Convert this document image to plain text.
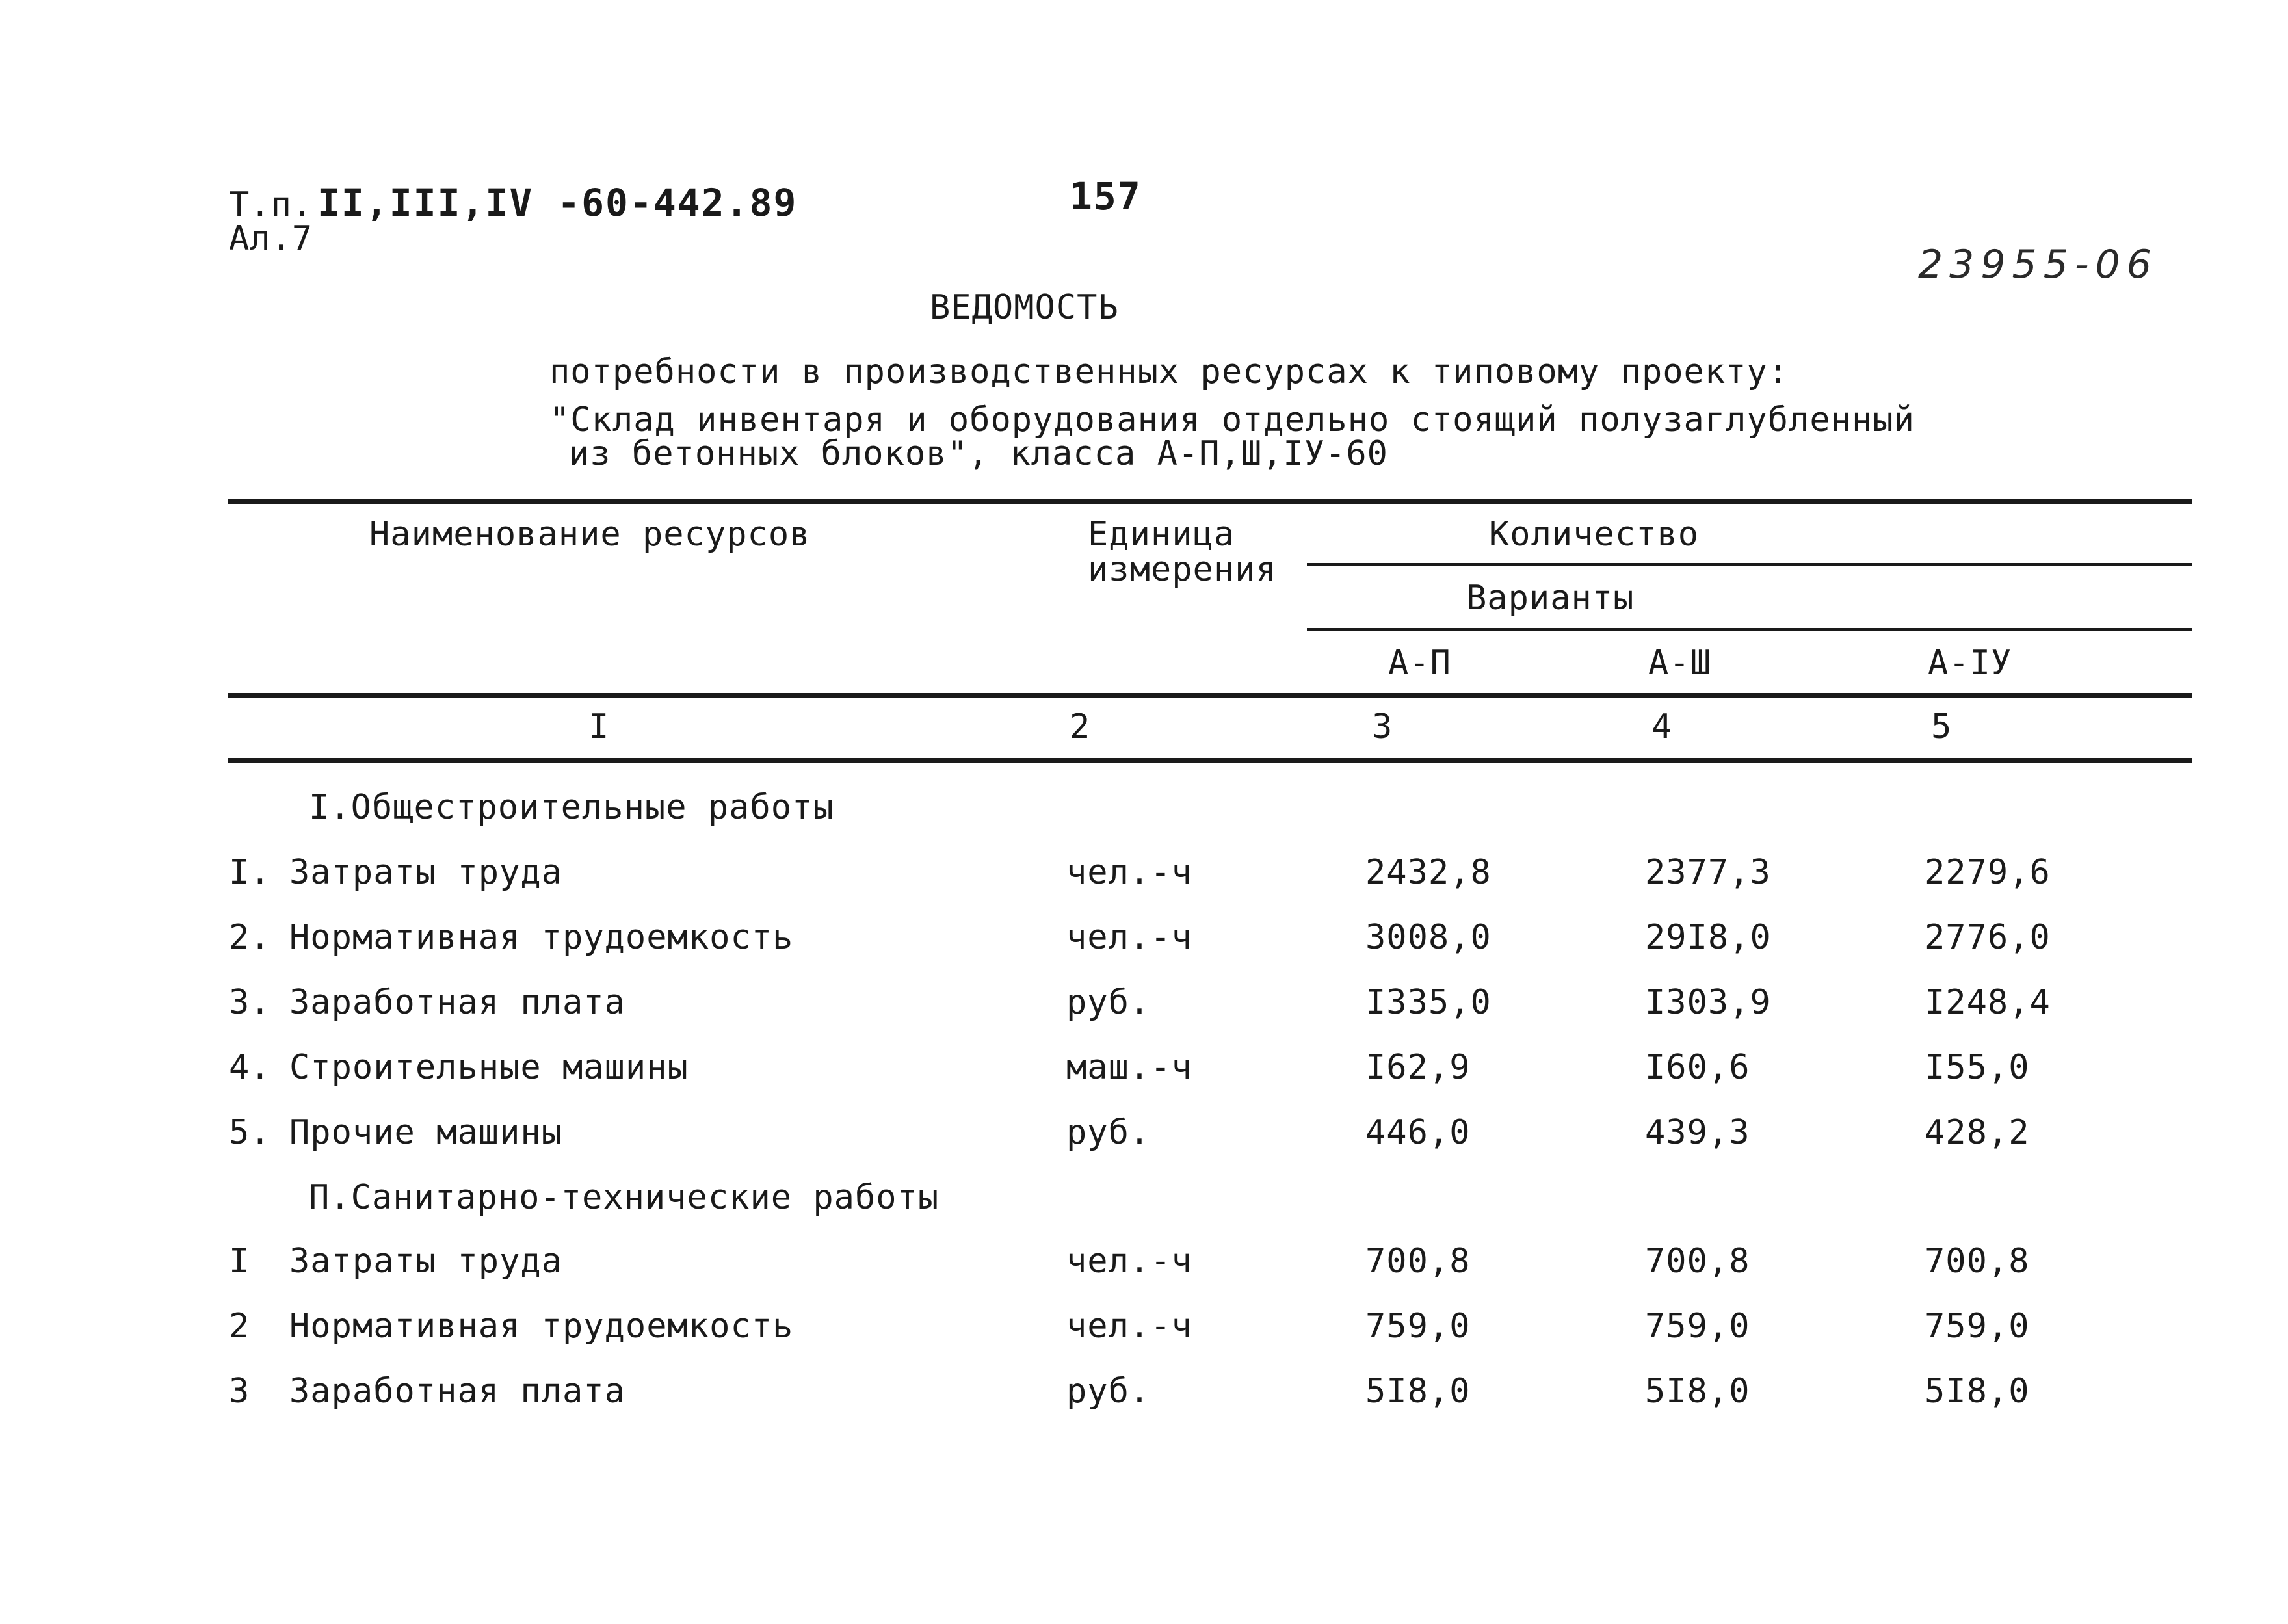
Т.п. II,III,IV -60-442.89
Ал.7
157
23955-06
ВЕДОМОСТЬ
потребности в производственных ресурсах к типовому проекту:
"Склад инвентаря и оборудования отдельно стоящий полузаглубленный
из бетонных блоков", класса А-П,Ш,IУ-60
Наименование ресурсов	Единица
измерения
Количество
Варианты
А-П	А-Ш	А-IУ
I	2	3	4	5
I.Общестроительные работы
I. Затраты труда	чел.-ч	2432,8	2377,3	2279,6
2. Нормативная трудоемкость	чел.-ч	3008,0	29I8,0	2776,0
3. Заработная плата	руб.	I335,0	I303,9	I248,4
4. Строительные машины	маш.-ч	I62,9	I60,6	I55,0
5. Прочие машины	руб.	446,0	439,3	428,2
П.Санитарно-технические работы
I Затраты труда	чел.-ч	700,8	700,8	700,8
2 Нормативная трудоемкость	чел.-ч	759,0	759,0	759,0
3 Заработная плата	руб.	5I8,0	5I8,0	5I8,0
